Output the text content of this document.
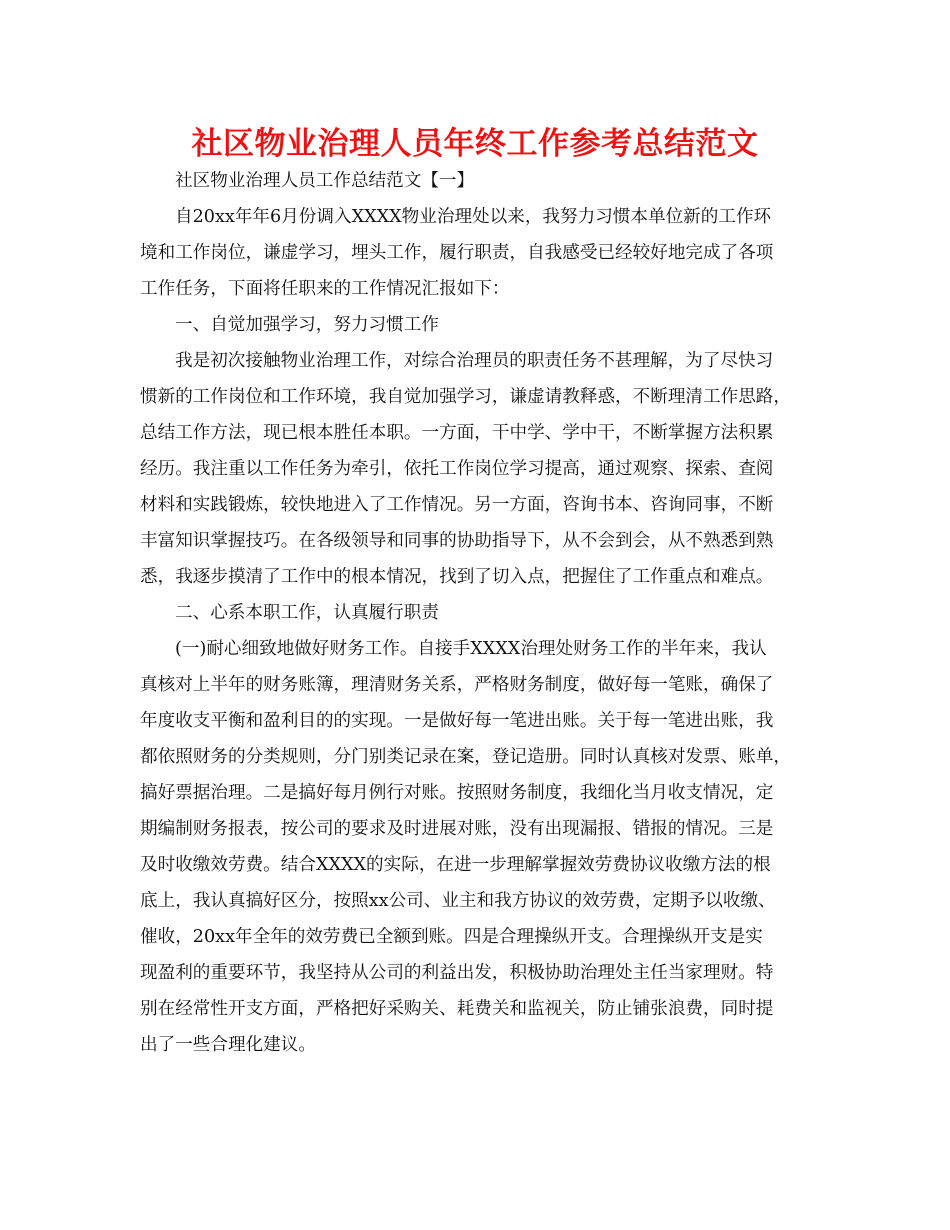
社区物业治理人员年终工作参考总结范文
社区物业治理人员工作总结范文【一】
自20xx年年6月份调入XXXX物业治理处以来，我努力习惯本单位新的工作环
境和工作岗位，谦虚学习，埋头工作，履行职责，自我感受已经较好地完成了各项
工作任务，下面将任职来的工作情况汇报如下：
一、自觉加强学习，努力习惯工作
我是初次接触物业治理工作，对综合治理员的职责任务不甚理解，为了尽快习
惯新的工作岗位和工作环境，我自觉加强学习，谦虚请教释惑，不断理清工作思路，
总结工作方法，现已根本胜任本职。一方面，干中学、学中干，不断掌握方法积累
经历。我注重以工作任务为牵引，依托工作岗位学习提高，通过观察、探索、查阅
材料和实践锻炼，较快地进入了工作情况。另一方面，咨询书本、咨询同事，不断
丰富知识掌握技巧。在各级领导和同事的协助指导下，从不会到会，从不熟悉到熟
悉，我逐步摸清了工作中的根本情况，找到了切入点，把握住了工作重点和难点。
二、心系本职工作，认真履行职责
(一)耐心细致地做好财务工作。自接手XXXX治理处财务工作的半年来，我认
真核对上半年的财务账簿，理清财务关系，严格财务制度，做好每一笔账，确保了
年度收支平衡和盈利目的的实现。一是做好每一笔进出账。关于每一笔进出账，我
都依照财务的分类规则，分门别类记录在案，登记造册。同时认真核对发票、账单，
搞好票据治理。二是搞好每月例行对账。按照财务制度，我细化当月收支情况，定
期编制财务报表，按公司的要求及时进展对账，没有出现漏报、错报的情况。三是
及时收缴效劳费。结合XXXX的实际，在进一步理解掌握效劳费协议收缴方法的根
底上，我认真搞好区分，按照xx公司、业主和我方协议的效劳费，定期予以收缴、
催收，20xx年全年的效劳费已全额到账。四是合理操纵开支。合理操纵开支是实
现盈利的重要环节，我坚持从公司的利益出发，积极协助治理处主任当家理财。特
别在经常性开支方面，严格把好采购关、耗费关和监视关，防止铺张浪费，同时提
出了一些合理化建议。
